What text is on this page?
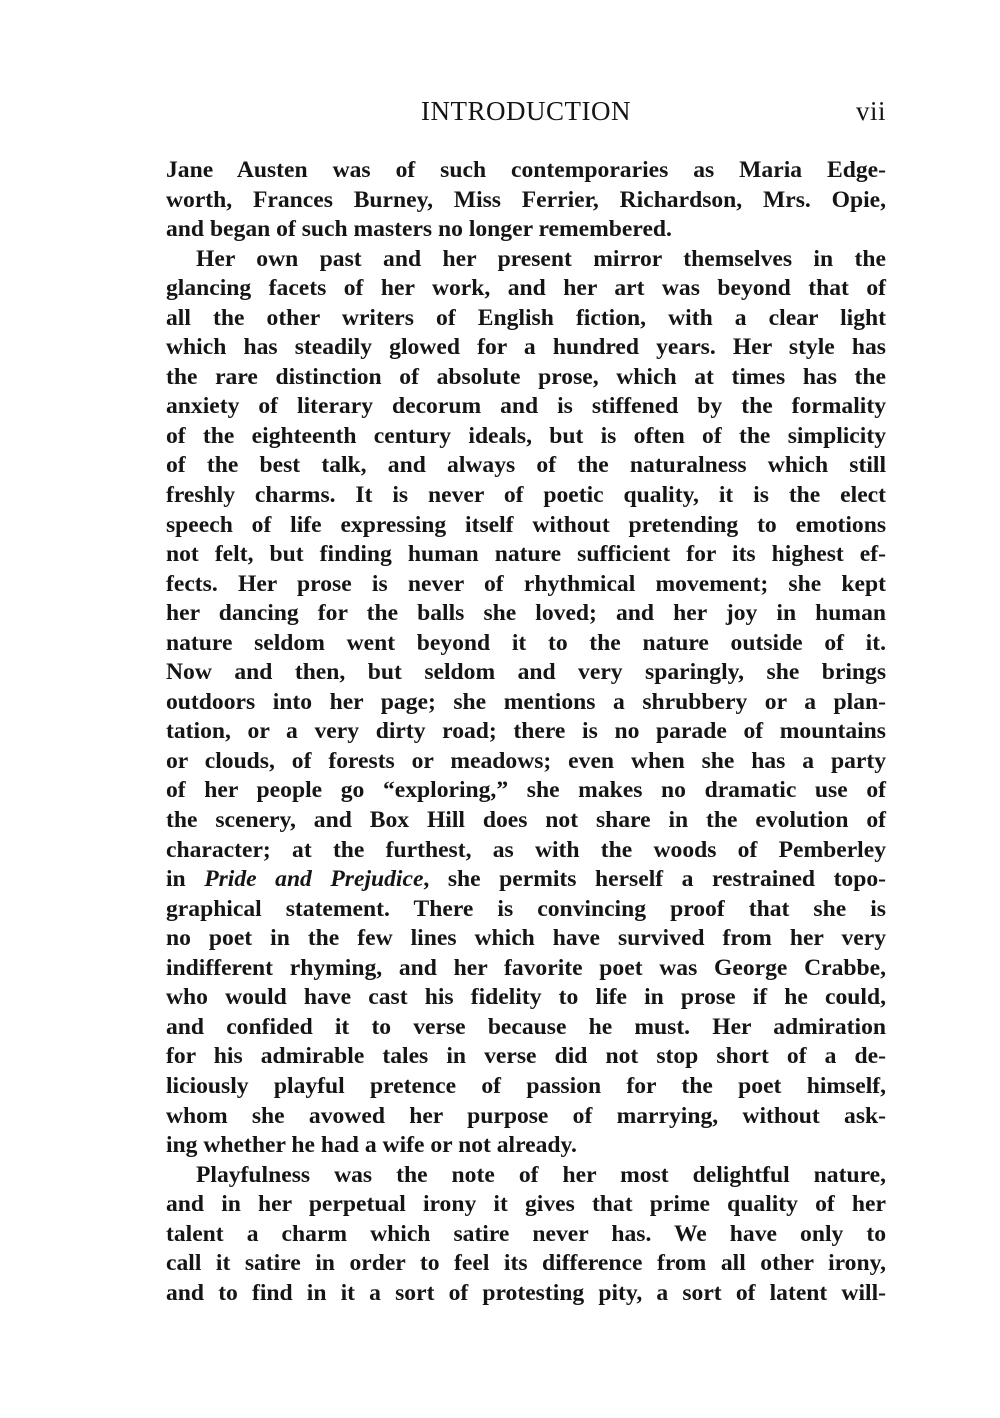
INTRODUCTION	vii
Jane Austen was of such contemporaries as Maria Edge-
worth, Frances Burney, Miss Ferrier, Richardson, Mrs. Opie,
and began of such masters no longer remembered.
Her own past and her present mirror themselves in the
glancing facets of her work, and her art was beyond that of
all the other writers of English fiction, with a clear light
which has steadily glowed for a hundred years. Her style has
the rare distinction of absolute prose, which at times has the
anxiety of literary decorum and is stiffened by the formality
of the eighteenth century ideals, but is often of the simplicity
of the best talk, and always of the naturalness which still
freshly charms. It is never of poetic quality, it is the elect
speech of life expressing itself without pretending to emotions
not felt, but finding human nature sufficient for its highest ef-
fects. Her prose is never of rhythmical movement; she kept
her dancing for the balls she loved; and her joy in human
nature seldom went beyond it to the nature outside of it.
Now and then, but seldom and very sparingly, she brings
outdoors into her page; she mentions a shrubbery or a plan-
tation, or a very dirty road; there is no parade of mountains
or clouds, of forests or meadows; even when she has a party
of her people go “exploring,” she makes no dramatic use of
the scenery, and Box Hill does not share in the evolution of
character; at the furthest, as with the woods of Pemberley
in Pride and Prejudice, she permits herself a restrained topo-
graphical statement. There is convincing proof that she is
no poet in the few lines which have survived from her very
indifferent rhyming, and her favorite poet was George Crabbe,
who would have cast his fidelity to life in prose if he could,
and confided it to verse because he must. Her admiration
for his admirable tales in verse did not stop short of a de-
liciously playful pretence of passion for the poet himself,
whom she avowed her purpose of marrying, without ask-
ing whether he had a wife or not already.
Playfulness was the note of her most delightful nature,
and in her perpetual irony it gives that prime quality of her
talent a charm which satire never has. We have only to
call it satire in order to feel its difference from all other irony,
and to find in it a sort of protesting pity, a sort of latent will-
